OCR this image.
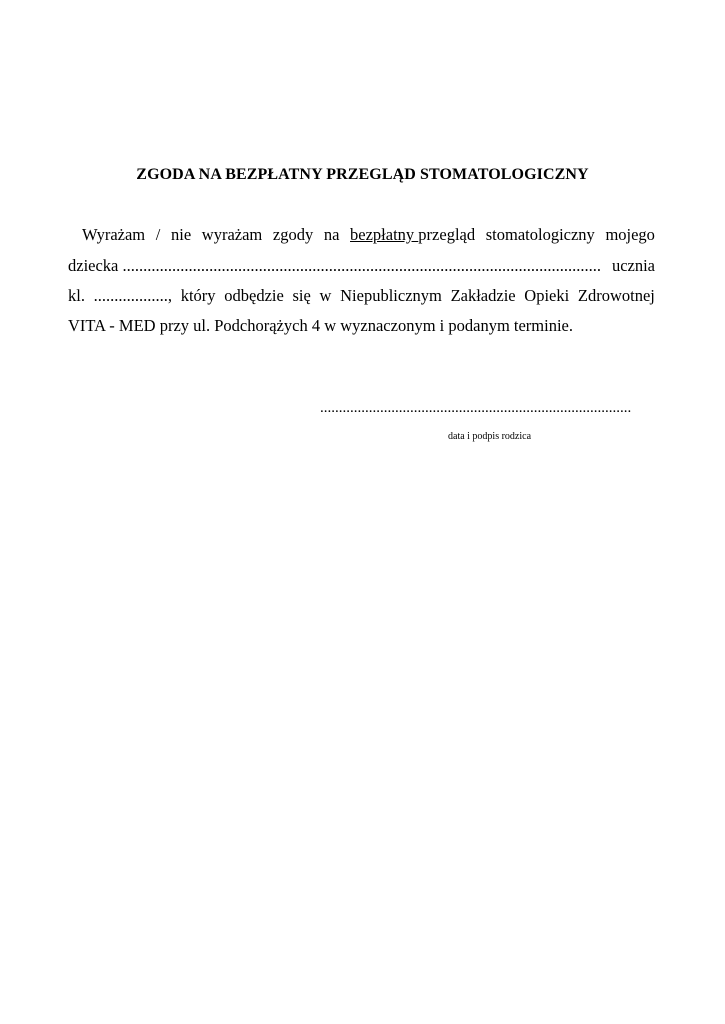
ZGODA NA BEZPŁATNY PRZEGLĄD STOMATOLOGICZNY
Wyrażam / nie wyrażam zgody na bezpłatny przegląd stomatologiczny mojego
dziecka .................................................................................................................... ucznia
kl. .................., który odbędzie się w Niepublicznym Zakładzie Opieki Zdrowotnej
VITA - MED przy ul. Podchorążych 4 w wyznaczonym i podanym terminie.
...................................................................................
data i podpis rodzica
